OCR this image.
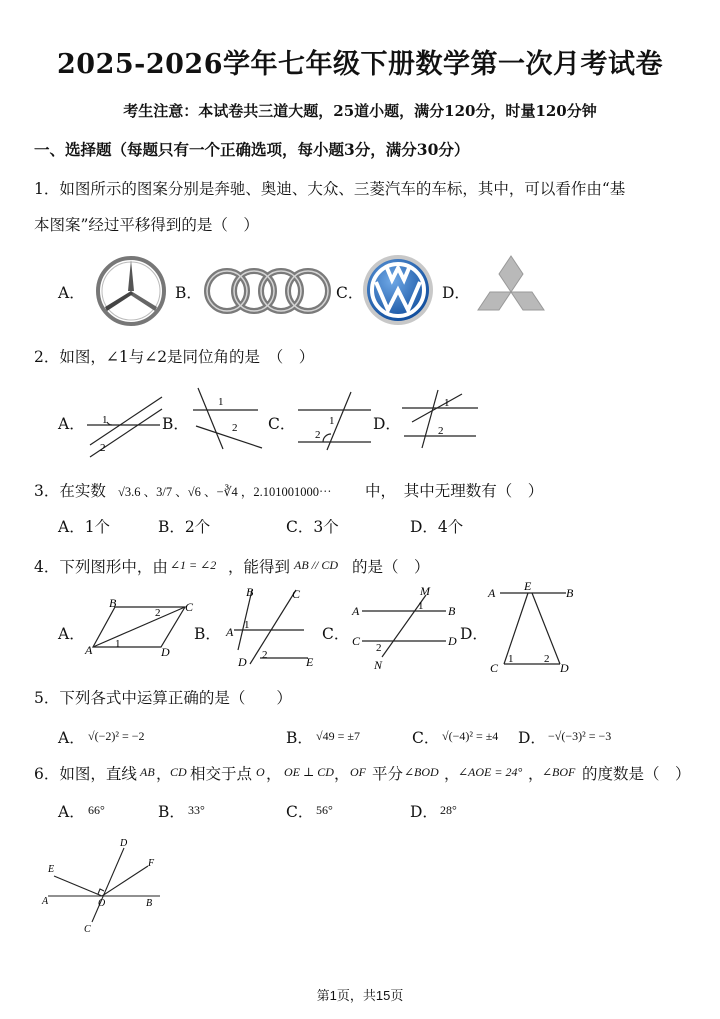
2025-2026学年七年级下册数学第一次月考试卷
考生注意：本试卷共三道大题，25道小题，满分120分，时量120分钟
一、选择题（每题只有一个正确选项，每小题3分，满分30分）
1．如图所示的图案分别是奔驰、奥迪、大众、三菱汽车的车标，其中，可以看作由“基
本图案”经过平移得到的是（　）
A．	B．	C．	D．
2．如图，∠1与∠2是同位角的是　（　）
A．	B．	C．	D．
1
2
1
2
1
2
1
2
3．在实数 √3.6 、3/7 、√6 、−∛4 ，2.101001000⋯ 中，　其中无理数有（　）
A．1个	B．2个	C．3个	D．4个
4．下列图形中，由 ∠1 = ∠2 ，能得到 AB // CD 的是（　）
A．	B．	C．	D．
B	C
A	D
2
1
B	C
A
D	E
1
2
A	B
C	D
M
N
1
2
A	B
E
C	D
1	2
5．下列各式中运算正确的是（　　）
A． √(−2)² = −2	B． √49 = ±7	C． √(−4)² = ±4 D． −√(−3)² = −3
6．如图，直线 AB ，
CD 相交于点 O ， OE ⊥ CD ， OF 平分 ∠BOD ，
∠AOE = 24° ，
∠BOF 的度数是（　）
A． 66°	B． 33°	C． 56°	D． 28°
A	B
D
C
E
F
O
第1页，共15页
